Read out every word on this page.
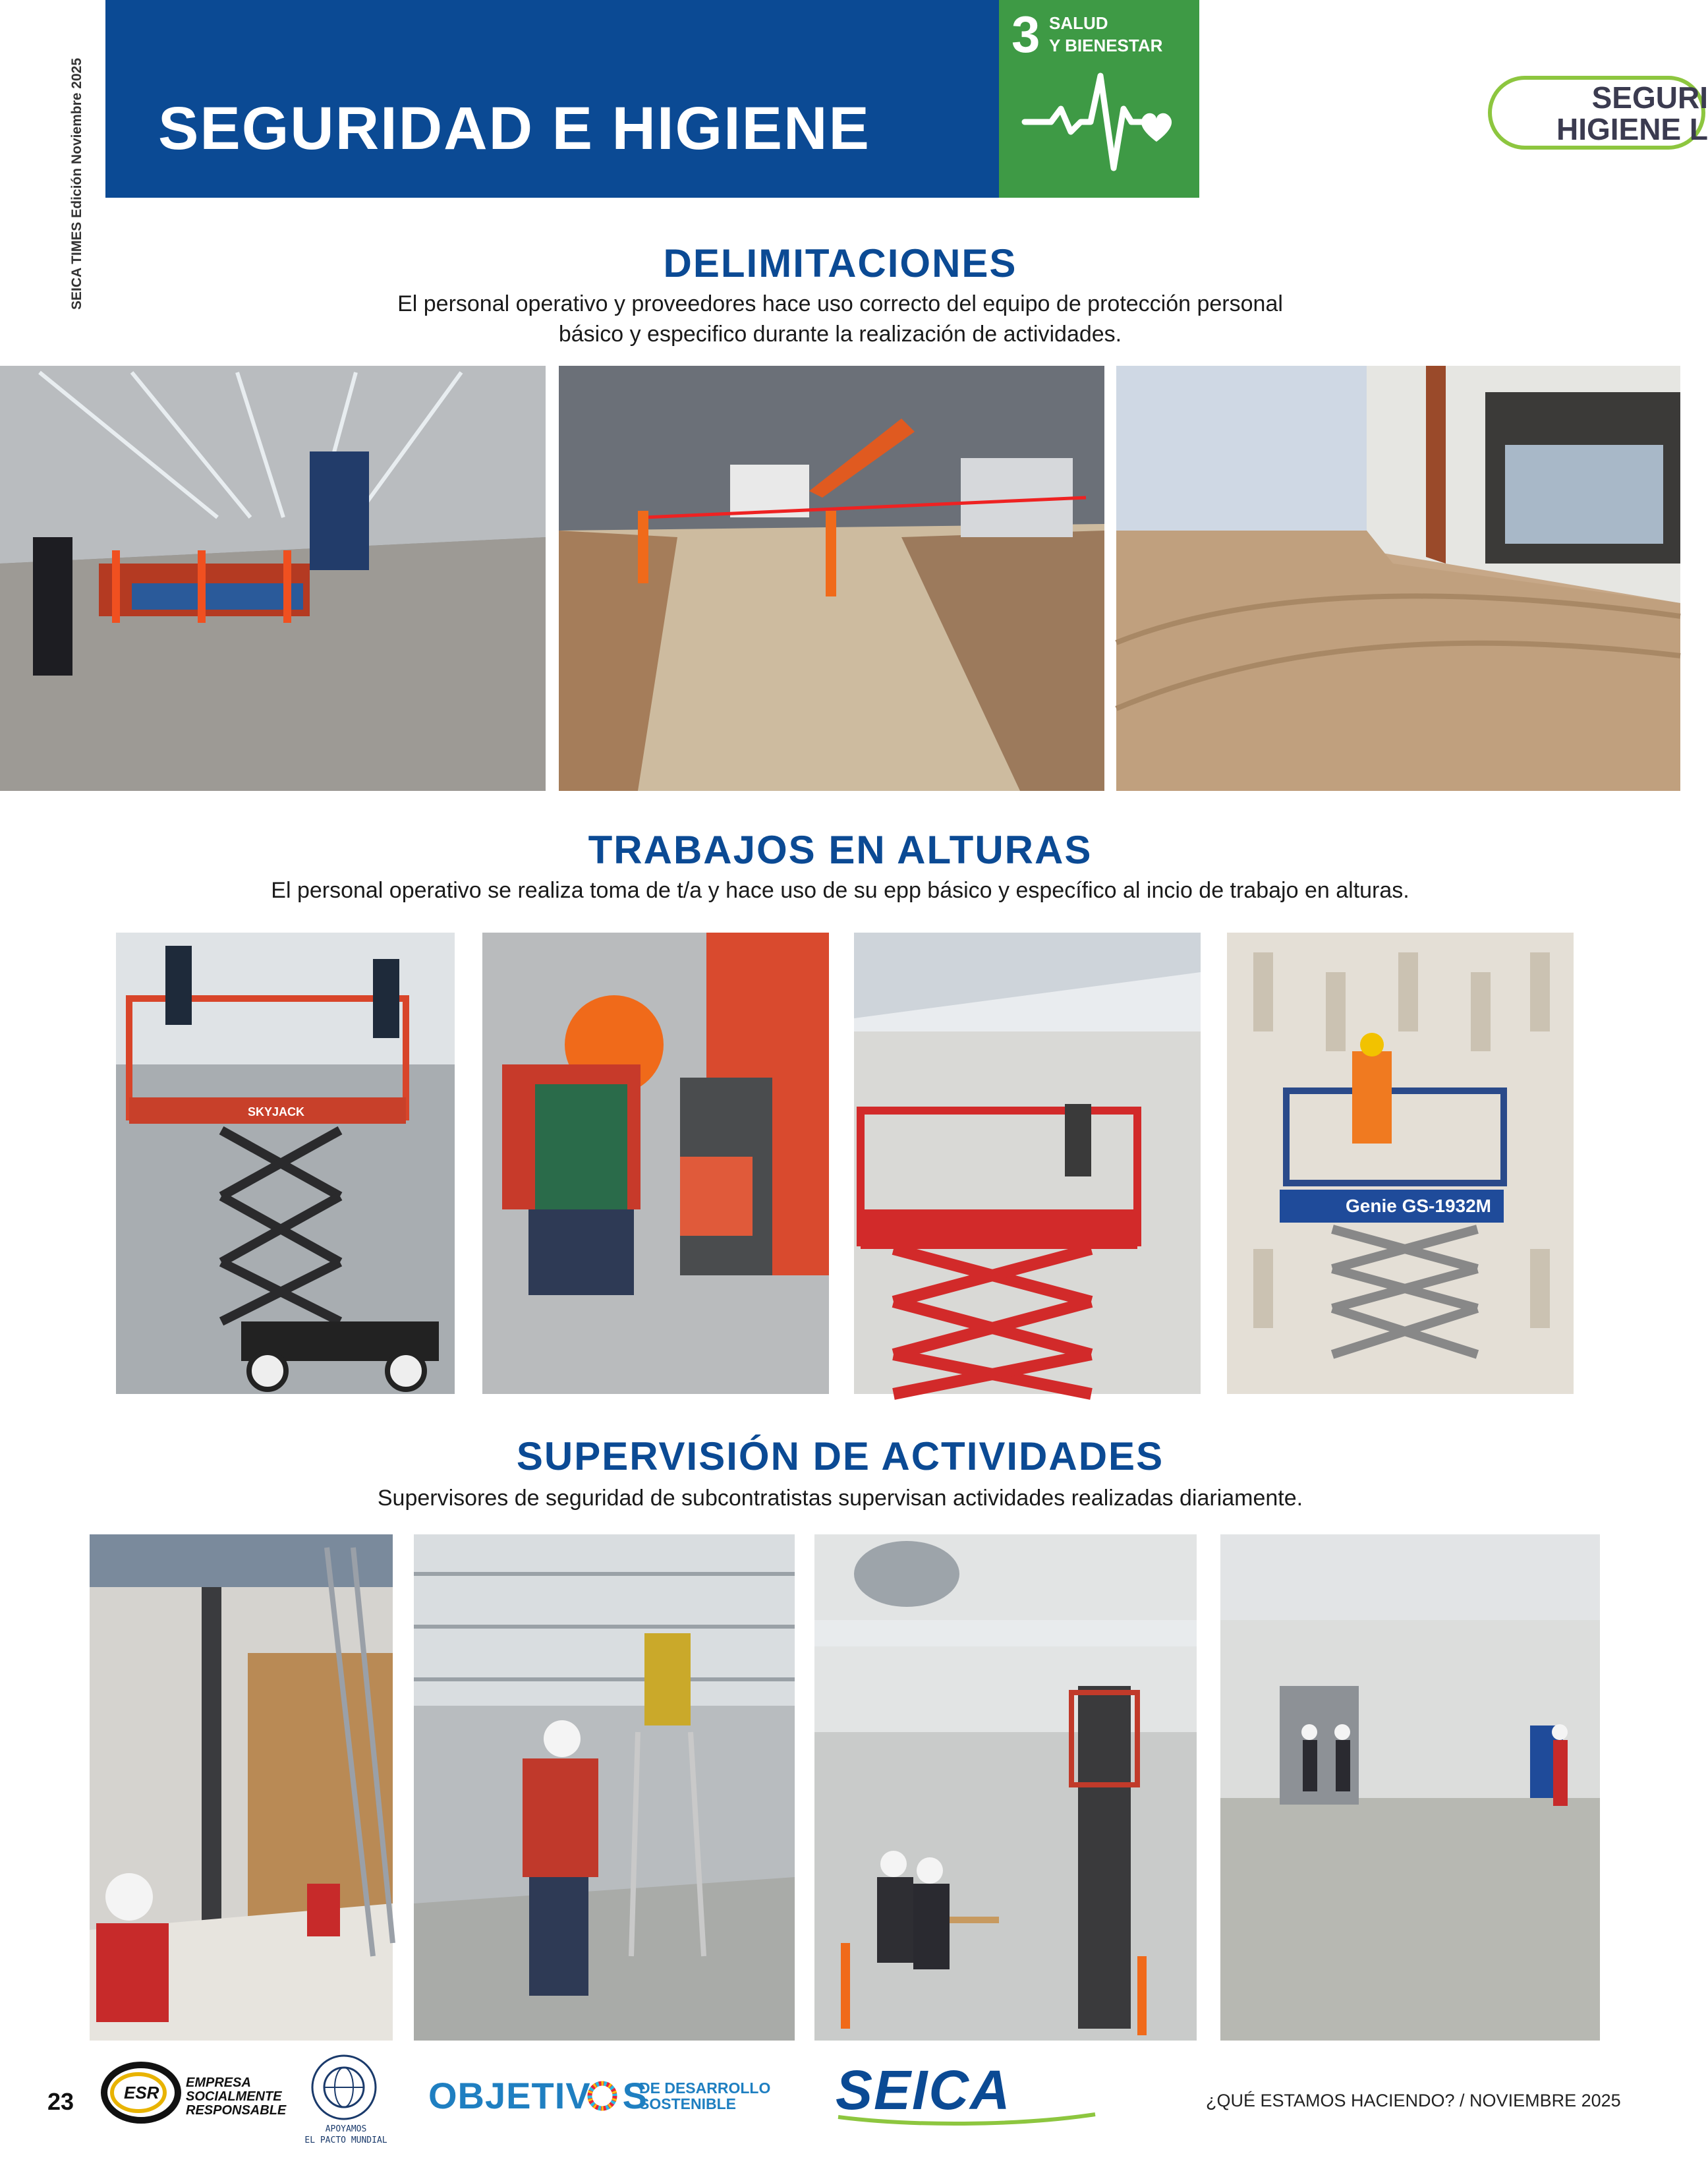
SEICA TIMES Edición Noviembre 2025 SEGURIDAD E HIGIENE
3 SALUD
Y BIENESTAR
SEGURI
HIGIENE L
DELIMITACIONES
El personal operativo y proveedores hace uso correcto del equipo de protección personal
básico y especifico durante la realización de actividades.
TRABAJOS EN ALTURAS
El personal operativo se realiza toma de t/a y hace uso de su epp básico y específico al incio de trabajo en alturas.
SKYJACK
Genie GS-1932M
SUPERVISIÓN DE ACTIVIDADES
Supervisores de seguridad de subcontratistas supervisan actividades realizadas diariamente.
23	ESR EMPRESA
SOCIALMENTE
RESPONSABLE
APOYAMOS
EL PACTO MUNDIAL
OBJETIV S
DE DESARROLLO
SOSTENIBLE	SEICA	¿QUÉ ESTAMOS HACIENDO? / NOVIEMBRE 2025
